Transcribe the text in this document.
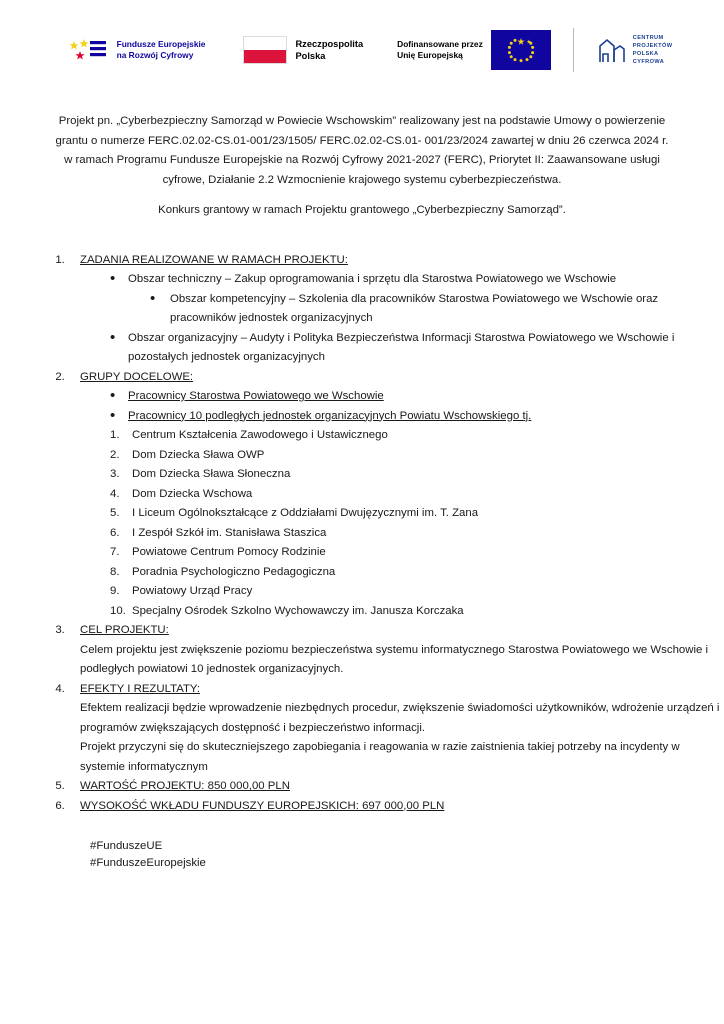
Fundusze Europejskie
na Rozwój Cyfrowy
Rzeczpospolita
Polska
Dofinansowane przez
Unię Europejską
CENTRUM
PROJEKTÓW
POLSKA
CYFROWA

Projekt pn. „Cyberbezpieczny Samorząd w Powiecie Wschowskim” realizowany jest na podstawie Umowy o powierzenie grantu o numerze FERC.02.02-CS.01-001/23/1505/ FERC.02.02-CS.01- 001/23/2024 zawartej w dniu 26 czerwca 2024 r. w ramach Programu Fundusze Europejskie na Rozwój Cyfrowy 2021-2027 (FERC), Priorytet II: Zaawansowane usługi cyfrowe, Działanie 2.2 Wzmocnienie krajowego systemu cyberbezpieczeństwa.

Konkurs grantowy w ramach Projektu grantowego „Cyberbezpieczny Samorząd”.

1. ZADANIA REALIZOWANE W RAMACH PROJEKTU:
• Obszar techniczny – Zakup oprogramowania i sprzętu dla Starostwa Powiatowego we Wschowie
• Obszar kompetencyjny – Szkolenia dla pracowników Starostwa Powiatowego we Wschowie oraz pracowników jednostek organizacyjnych
• Obszar organizacyjny – Audyty i Polityka Bezpieczeństwa Informacji Starostwa Powiatowego we Wschowie i pozostałych jednostek organizacyjnych
2. GRUPY DOCELOWE:
• Pracownicy Starostwa Powiatowego we Wschowie
• Pracownicy 10 podległych jednostek organizacyjnych Powiatu Wschowskiego tj.
Centrum Kształcenia Zawodowego i Ustawicznego
Dom Dziecka Sława OWP
Dom Dziecka Sława Słoneczna
Dom Dziecka Wschowa
I Liceum Ogólnokształcące z Oddziałami Dwujęzycznymi im. T. Zana
I Zespół Szkół im. Stanisława Staszica
Powiatowe Centrum Pomocy Rodzinie
Poradnia Psychologiczno Pedagogiczna
Powiatowy Urząd Pracy
Specjalny Ośrodek Szkolno Wychowawczy im. Janusza Korczaka
3. CEL PROJEKTU:

Celem projektu jest zwiększenie poziomu bezpieczeństwa systemu informatycznego Starostwa Powiatowego we Wschowie i podległych powiatowi 10 jednostek organizacyjnych.

4. EFEKTY I REZULTATY:

Efektem realizacji będzie wprowadzenie niezbędnych procedur, zwiększenie świadomości użytkowników, wdrożenie urządzeń i programów zwiększających dostępność i bezpieczeństwo informacji.

Projekt przyczyni się do skuteczniejszego zapobiegania i reagowania w razie zaistnienia takiej potrzeby na incydenty w systemie informatycznym

5. WARTOŚĆ PROJEKTU: 850 000,00 PLN
6. WYSOKOŚĆ WKŁADU FUNDUSZY EUROPEJSKICH: 697 000,00 PLN
#FunduszeUE
#FunduszeEuropejskie
